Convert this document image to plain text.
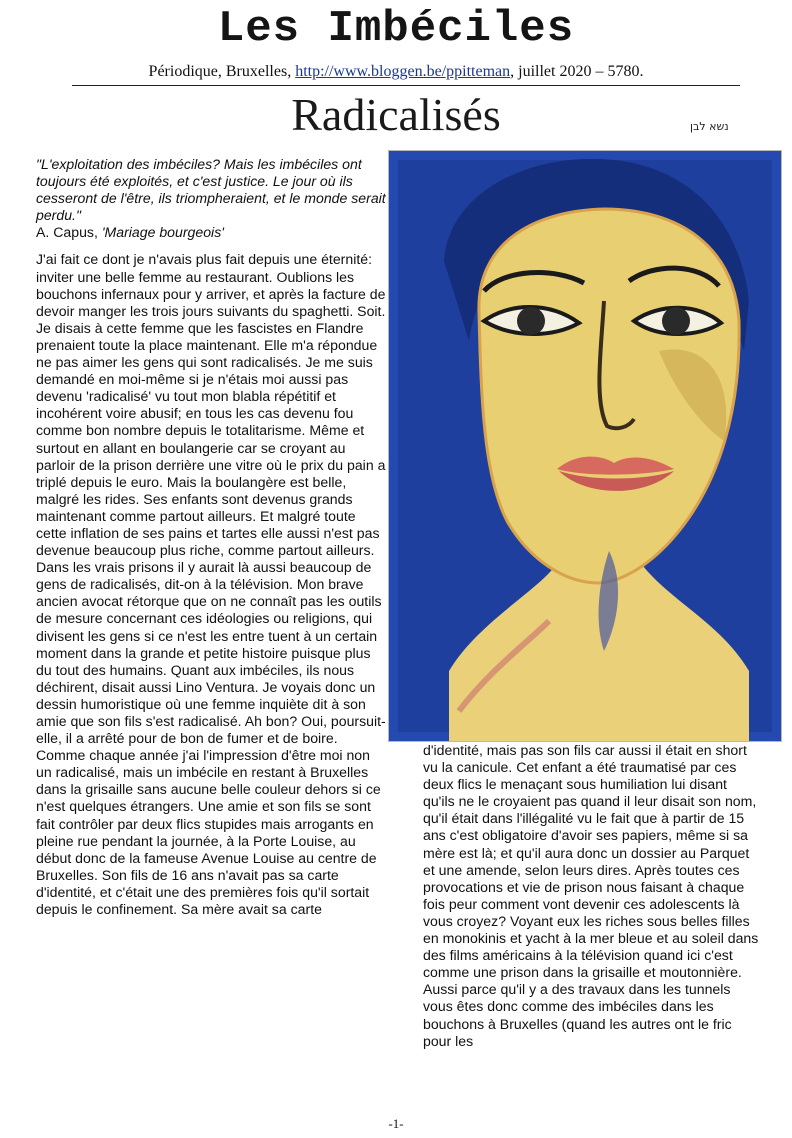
Les Imbéciles
Périodique, Bruxelles, http://www.bloggen.be/ppitteman, juillet 2020 – 5780.
Radicalisés	נשא לבן

"L'exploitation des imbéciles? Mais les imbéciles ont toujours été exploités, et c'est justice. Le jour où ils cesseront de l'être, ils triompheraient, et le monde serait perdu."

A. Capus, 'Mariage bourgeois'

J'ai fait ce dont je n'avais plus fait depuis une éternité: inviter une belle femme au restaurant. Oublions les bouchons infernaux pour y arriver, et après la facture de devoir manger les trois jours suivants du spaghetti. Soit. Je disais à cette femme que les fascistes en Flandre prenaient toute la place maintenant. Elle m'a répondue ne pas aimer les gens qui sont radicalisés. Je me suis demandé en moi-même si je n'étais moi aussi pas devenu 'radicalisé' vu tout mon blabla répétitif et incohérent voire abusif; en tous les cas devenu fou comme bon nombre depuis le totalitarisme. Même et surtout en allant en boulangerie car se croyant au parloir de la prison derrière une vitre où le prix du pain a triplé depuis le euro. Mais la boulangère est belle, malgré les rides. Ses enfants sont devenus grands maintenant comme partout ailleurs. Et malgré toute cette inflation de ses pains et tartes elle aussi n'est pas devenue beaucoup plus riche, comme partout ailleurs. Dans les vrais prisons il y aurait là aussi beaucoup de gens de radicalisés, dit-on à la télévision. Mon brave ancien avocat rétorque que on ne connaît pas les outils de mesure concernant ces idéologies ou religions, qui divisent les gens si ce n'est les entre tuent à un certain moment dans la grande et petite histoire puisque plus du tout des humains. Quant aux imbéciles, ils nous déchirent, disait aussi Lino Ventura. Je voyais donc un dessin humoristique où une femme inquiète dit à son amie que son fils s'est radicalisé. Ah bon? Oui, poursuit-elle, il a arrêté pour de bon de fumer et de boire. Comme chaque année j'ai l'impression d'être moi non un radicalisé, mais un imbécile en restant à Bruxelles dans la grisaille sans aucune belle couleur dehors si ce n'est quelques étrangers. Une amie et son fils se sont fait contrôler par deux flics stupides mais arrogants en pleine rue pendant la journée, à la Porte Louise, au début donc de la fameuse Avenue Louise au centre de Bruxelles. Son fils de 16 ans n'avait pas sa carte d'identité, et c'était une des premières fois qu'il sortait depuis le confinement. Sa mère avait sa carte

d'identité, mais pas son fils car aussi il était en short vu la canicule. Cet enfant a été traumatisé par ces deux flics le menaçant sous humiliation lui disant qu'ils ne le croyaient pas quand il leur disait son nom, qu'il était dans l'illégalité vu le fait que à partir de 15 ans c'est obligatoire d'avoir ses papiers, même si sa mère est là; et qu'il aura donc un dossier au Parquet et une amende, selon leurs dires. Après toutes ces provocations et vie de prison nous faisant à chaque fois peur comment vont devenir ces adolescents là vous croyez? Voyant eux les riches sous belles filles en monokinis et yacht à la mer bleue et au soleil dans des films américains à la télévision quand ici c'est comme une prison dans la grisaille et moutonnière. Aussi parce qu'il y a des travaux dans les tunnels vous êtes donc comme des imbéciles dans les bouchons à Bruxelles (quand les autres ont le fric pour les

-1-
